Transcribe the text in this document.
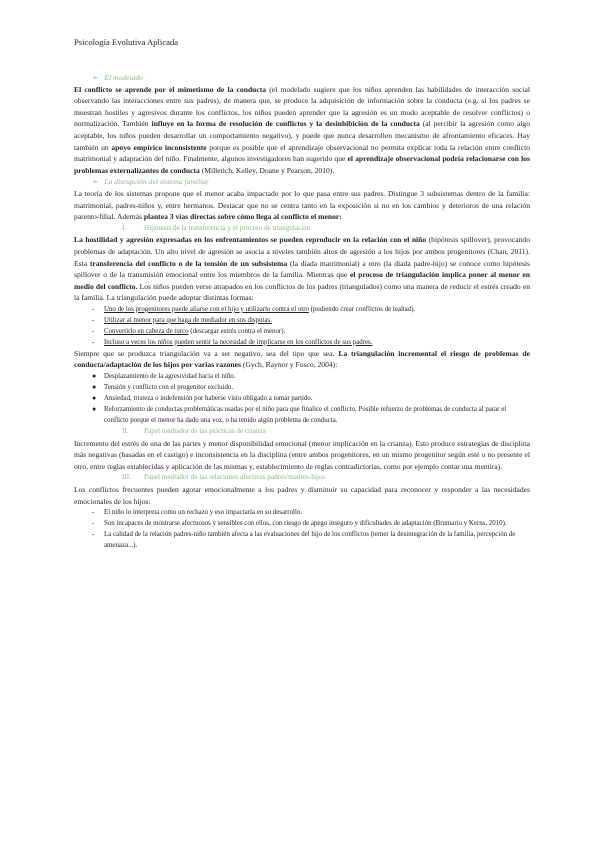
Psicología Evolutiva Aplicada
➢ El modelado

El conflicto se aprende por el mimetismo de la conducta (el modelado sugiere que los niños aprenden las habilidades de interacción social observando las interacciones entre sus padres), de manera que, se produce la adquisición de información sobre la conducta (e.g. si los padres se muestran hostiles y agresivos durante los conflictos, los niños pueden aprender que la agresión es un modo aceptable de resolver conflictos) o normalización. También influye en la forma de resolución de conflictos y la desinhibición de la conducta (al percibir la agresión como algo aceptable, los niños pueden desarrollar un comportamiento negativo), y puede que nunca desarrollen mecanismo de afrontamiento eficaces. Hay también un apoyo empírico inconsistente porque es posible que el aprendizaje observacional no permita explicar toda la relación entre conflicto matrimonial y adaptación del niño. Finalmente, algunos investigadores han sugerido que el aprendizaje observacional podría relacionarse con los problemas externalizantes de conducta (Milletich, Kelley, Doane y Pearson, 2010).

➢ La disrupción del sistema familiar

La teoría de los sistemas propone que el menor acaba impactado por lo que pasa entre sus padres. Distingue 3 subsistemas dentro de la familia: matrimonial, padres-niños y, entre hermanos. Destacar que no se centra tanto en la exposición si no en los cambios y deterioros de una relación parento-filial. Además plantea 3 vías directas sobre cómo llega al conflicto el menor:

I. Hipótesis de la transferencia y el proceso de triangulación

La hostilidad y agresión expresadas en los enfrentamientos se pueden reproducir en la relación con el niño (hipótesis spillover), provocando problemas de adaptación. Un alto nivel de agresión se asocia a niveles también altos de agresión a los hijos por ambos progenitores (Chan, 2011). Esta transferencia del conflicto o de la tensión de un subsistema (la díada matrimonial) a otro (la díada padre-hijo) se conoce como hipótesis spillover o de la transmisión emocional entre los miembros de la familia. Mientras que el proceso de triangulación implica poner al menor en medio del conflicto. Los niños pueden verse atrapados en los conflictos de los padres (triangulados) como una manera de reducir el estrés creado en la familia. La triangulación puede adoptar distintas formas:

- Uno de los progenitores puede aliarse con el hijo y utilizarlo contra el otro (pudiendo crear conflictos de lealtad).
- Utilizar al menor para que haga de mediador en sus disputas.
- Convertirlo en cabeza de turco (descargar estrés contra el menor).
- Incluso a veces los niños pueden sentir la necesidad de implicarse en los conflictos de sus padres.

Siempre que se produzca triangulación va a ser negativo, sea del tipo que sea. La triangulación incremental el riesgo de problemas de conducta/adaptación de los hijos por varias razones (Gych, Raynor y Fosco, 2004):

● Desplazamiento de la agresividad hacia el niño.
● Tensión y conflicto con el progenitor excluido.
● Ansiedad, tristeza o indefensión por haberse visto obligado a tomar partido.
● Reforzamiento de conductas problemáticas usadas por el niño para que finalice el conflicto. Posible refuerzo de problemas de conducta al parar el conflicto porque el menor ha dado una voz, o ha tenido algún problema de conducta.
II. Papel mediador de las prácticas de crianza

Incremento del estrés de una de las partes y menor disponibilidad emocional (menor implicación en la crianza). Esto produce estrategias de disciplina más negativas (basadas en el castigo) e inconsistencia en la disciplina (entre ambos progenitores, en un mismo progenitor según esté o no presente el otro, entre reglas establecidas y aplicación de las mismas y, establecimiento de reglas contradictorias, como por ejemplo contar una mentira).

III. Papel mediador de las relaciones afectivas padres/madres-hijos

Los conflictos frecuentes pueden agotar emocionalmente a los padres y disminuir su capacidad para reconocer y responder a las necesidades emocionales de los hijos:

- El niño lo interpreta como un rechazo y eso impactaría en su desarrollo.
- Son incapaces de mostrarse afectuosos y sensibles con ellos, con riesgo de apego inseguro y dificultades de adaptación (Brumariu y Kerns, 2010).
- La calidad de la relación padres-niño también afecta a las evaluaciones del hijo de los conflictos (temer la desintegración de la familia, percepción de amenaza...).
